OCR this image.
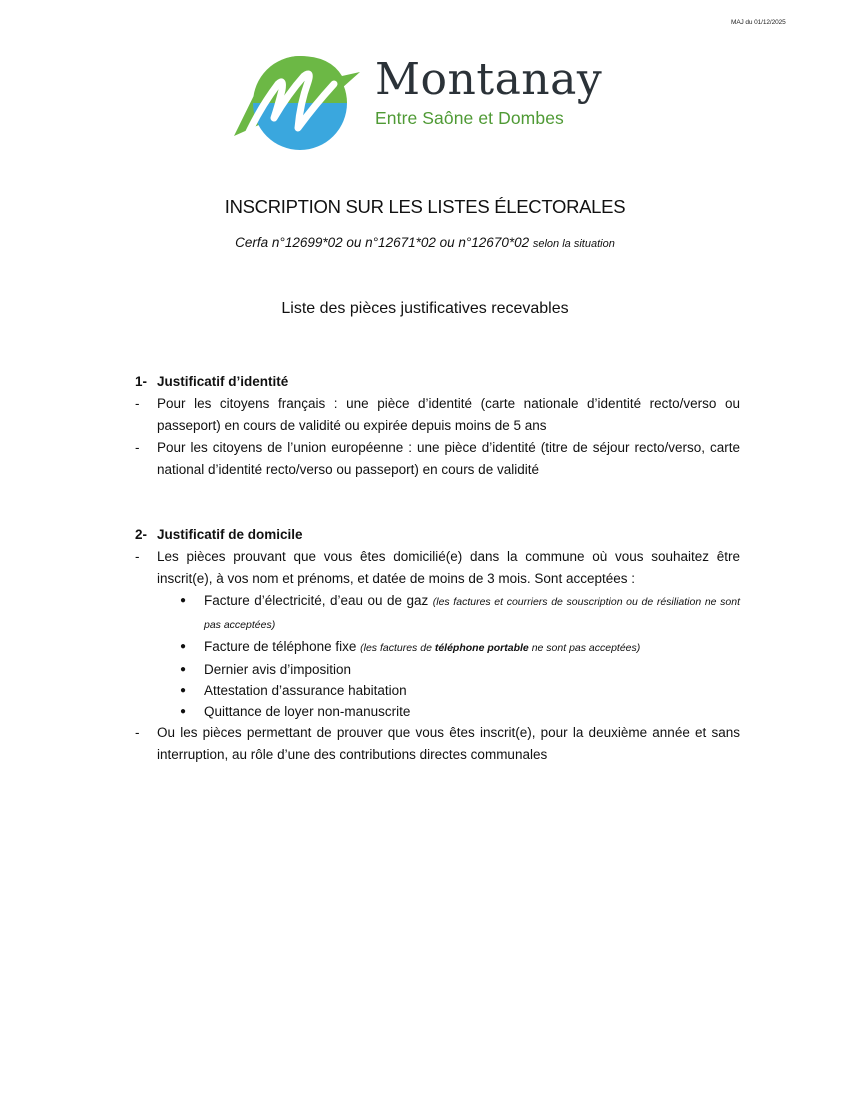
MAJ du 01/12/2025
Montanay
Entre Saône et Dombes
INSCRIPTION SUR LES LISTES ÉLECTORALES
Cerfa n°12699*02 ou n°12671*02 ou n°12670*02 selon la situation
Liste des pièces justificatives recevables
1- Justificatif d’identité
-	Pour les citoyens français : une pièce d’identité (carte nationale d’identité recto/verso ou passeport) en cours de validité ou expirée depuis moins de 5 ans
-	Pour les citoyens de l’union européenne : une pièce d’identité (titre de séjour recto/verso, carte national d’identité recto/verso ou passeport) en cours de validité
2- Justificatif de domicile
-	Les pièces prouvant que vous êtes domicilié(e) dans la commune où vous souhaitez être inscrit(e), à vos nom et prénoms, et datée de moins de 3 mois. Sont acceptées :
●	Facture d’électricité, d’eau ou de gaz (les factures et courriers de souscription ou de résiliation ne sont pas acceptées)
●	Facture de téléphone fixe (les factures de téléphone portable ne sont pas acceptées)
●	Dernier avis d’imposition
●	Attestation d’assurance habitation
●	Quittance de loyer non-manuscrite
-	Ou les pièces permettant de prouver que vous êtes inscrit(e), pour la deuxième année et sans interruption, au rôle d’une des contributions directes communales
